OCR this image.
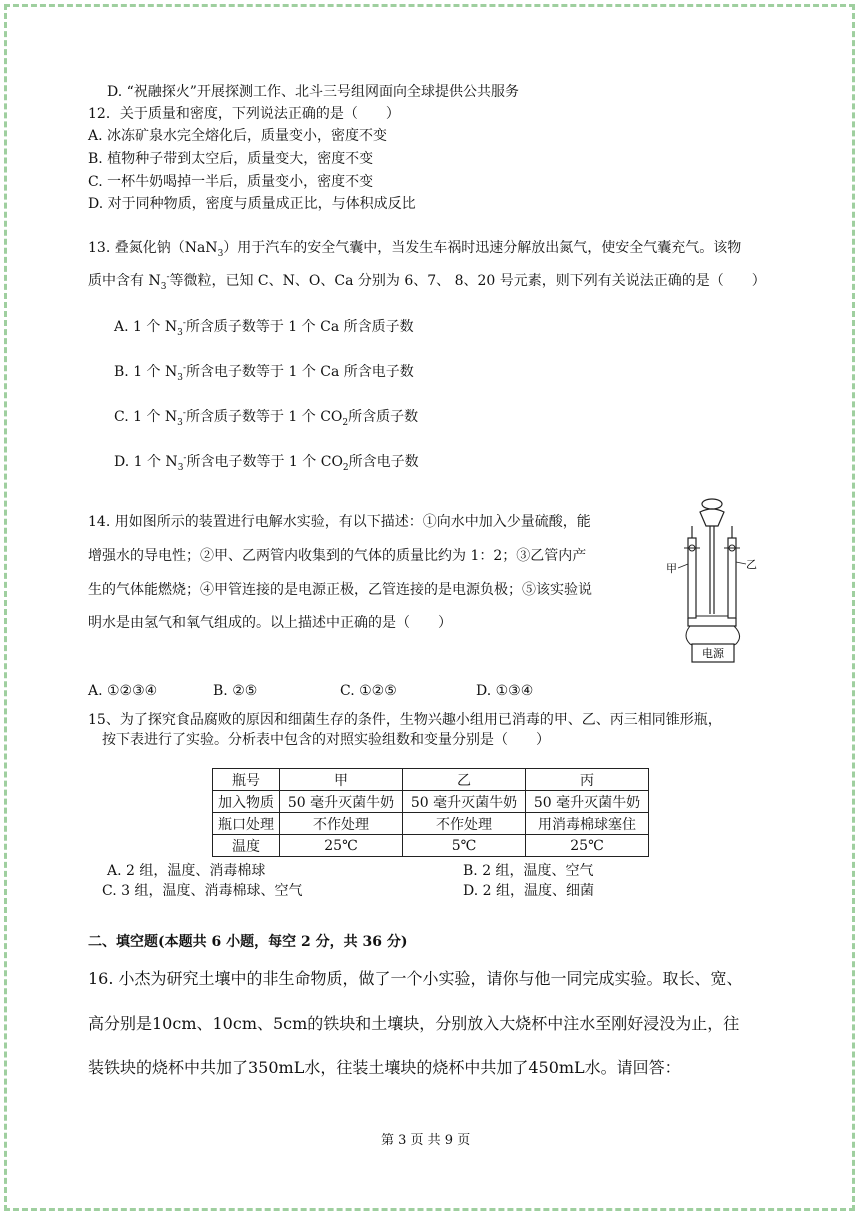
D. “祝融探火”开展探测工作、北斗三号组网面向全球提供公共服务
12．关于质量和密度，下列说法正确的是（　　）
A. 冰冻矿泉水完全熔化后，质量变小，密度不变
B. 植物种子带到太空后，质量变大，密度不变
C. 一杯牛奶喝掉一半后，质量变小，密度不变
D. 对于同种物质，密度与质量成正比，与体积成反比
13. 叠氮化钠（NaN$_3$）用于汽车的安全气囊中，当发生车祸时迅速分解放出氮气，使安全气囊充气。该物
质中含有 $N_3^-$等微粒，已知 C、N、O、Ca 分别为 6、7、 8、20 号元素，则下列有关说法正确的是（　　）
A. 1 个 $N_3^-$所含质子数等于 1 个 Ca 所含质子数
B. 1 个 $N_3^-$所含电子数等于 1 个 Ca 所含电子数
C. 1 个 $N_3^-$所含质子数等于 1 个 $CO_2$所含质子数
D. 1 个 $N_3^-$所含电子数等于 1 个 $CO_2$所含电子数
14. 用如图所示的装置进行电解水实验，有以下描述：①向水中加入少量硫酸，能
增强水的导电性；②甲、乙两管内收集到的气体的质量比约为 1：2；③乙管内产
生的气体能燃烧；④甲管连接的是电源正极，乙管连接的是电源负极；⑤该实验说
明水是由氢气和氧气组成的。以上描述中正确的是（　　）
电源
甲	乙
A. ①②③④	B. ②⑤	C. ①②⑤	D. ①③④
15、为了探究食品腐败的原因和细菌生存的条件，生物兴趣小组用已消毒的甲、乙、丙三相同锥形瓶，
按下表进行了实验。分析表中包含的对照实验组数和变量分别是（　　）
瓶号	甲	乙	丙
加入物质	50 毫升灭菌牛奶	50 毫升灭菌牛奶	50 毫升灭菌牛奶
瓶口处理	不作处理	不作处理	用消毒棉球塞住
温度	25℃	5℃	25℃
A. 2 组，温度、消毒棉球	B. 2 组，温度、空气
C. 3 组，温度、消毒棉球、空气	D. 2 组，温度、细菌
二、填空题(本题共 6 小题，每空 2 分，共 36 分)
16. 小杰为研究土壤中的非生命物质，做了一个小实验，请你与他一同完成实验。取长、宽、
高分别是10cm、10cm、5cm的铁块和土壤块，分别放入大烧杯中注水至刚好浸没为止，往
装铁块的烧杯中共加了350mL水，往装土壤块的烧杯中共加了450mL水。请回答：
第 3 页 共 9 页
